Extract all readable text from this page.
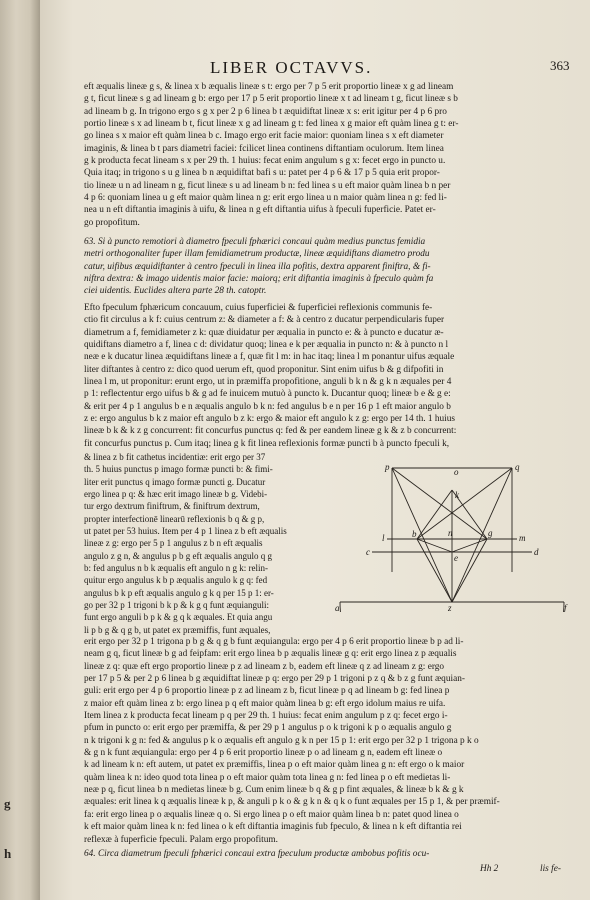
g
h
LIBER OCTAVVS.	363
eft æqualis lineæ g s, & linea x b æqualis lineæ s t: ergo per 7 p 5 erit proportio lineæ x g ad lineam
g t, ficut lineæ s g ad lineam g b: ergo per 17 p 5 erit proportio lineæ x t ad lineam t g, ficut lineæ s b
ad lineam b g. In trigono ergo s g x per 2 p 6 linea b t æquidiftat lineæ x s: erit igitur per 4 p 6 pro
portio lineæ s x ad lineam b t, ficut lineæ x g ad lineam g t: fed linea x g maior eft quàm linea g t: er-
go linea s x maior eft quàm linea b c. Imago ergo erit facie maior: quoniam linea s x eft diameter
imaginis, & linea b t pars diametri faciei: fcilicet linea continens diftantiam oculorum. Item linea
g k producta fecat lineam s x per 29 th. 1 huius: fecat enim angulum s g x: fecet ergo in puncto u.
Quia itaq; in trigono s u g linea b n æquidiftat bafi s u: patet per 4 p 6 & 17 p 5 quia erit propor-
tio lineæ u n ad lineam n g, ficut lineæ s u ad lineam b n: fed linea s u eft maior quàm linea b n per
4 p 6: quoniam linea u g eft maior quàm linea n g: erit ergo linea u n maior quàm linea n g: fed li-
nea u n eft diftantia imaginis à uifu, & linea n g eft diftantia uifus à fpeculi fuperficie. Patet er-
go propofitum.
63. Si à puncto remotiori à diametro fpeculi fphærici concaui quàm medius punctus femidia
metri orthogonaliter fuper illam femidiametrum productæ, lineæ æquidiftans diametro produ
catur, uifibus æquidiftanter à centro fpeculi in linea illa pofitis, dextra apparent finiftra, & fi-
niftra dextra: & imago uidentis maior facie: maiorq; erit diftantia imaginis à fpeculo quàm fa
ciei uidentis. Euclides altera parte 28 th. catoptr.
Efto fpeculum fphæricum concauum, cuius fuperficiei & fuperficiei reflexionis communis fe-
ctio fit circulus a k f: cuius centrum z: & diameter a f: & à centro z ducatur perpendicularis fuper
diametrum a f, femidiameter z k: quæ diuidatur per æqualia in puncto e: & à puncto e ducatur æ-
quidiftans diametro a f, linea c d: dividatur quoq; linea e k per æqualia in puncto n: & à puncto n l
neæ e k ducatur linea æquidiftans lineæ a f, quæ fit l m: in hac itaq; linea l m ponantur uifus æquale
liter diftantes à centro z: dico quod uerum eft, quod proponitur. Sint enim uifus b & g difpofiti in
linea l m, ut proponitur: erunt ergo, ut in præmiffa propofitione, anguli b k n & g k n æquales per 4
p 1: reflectentur ergo uifus b & g ad fe inuicem mutuò à puncto k. Ducantur quoq; lineæ b e & g e:
& erit per 4 p 1 angulus b e n æqualis angulo b k n: fed angulus b e n per 16 p 1 eft maior angulo b
z e: ergo angulus b k z maior eft angulo b z k: ergo & maior eft angulo k z g: ergo per 14 th. 1 huius
lineæ b k & k z g concurrent: fit concurfus punctus q: fed & per eandem lineæ g k & z b concurrent:
fit concurfus punctus p. Cum itaq; linea g k fit linea reflexionis formæ puncti b à puncto fpeculi k,
& linea z b fit cathetus incidentiæ: erit ergo per 37
th. 5 huius punctus p imago formæ puncti b: & fimi-
liter erit punctus q imago formæ puncti g. Ducatur
ergo linea p q: & hæc erit imago lineæ b g. Videbi-
tur ergo dextrum finiftrum, & finiftrum dextrum,
propter interfectionē linearū reflexionis b q & g p,
ut patet per 53 huius. Item per 4 p 1 linea z b eft æqualis
lineæ z g: ergo per 5 p 1 angulus z b n eft æqualis
angulo z g n, & angulus p b g eft æqualis angulo q g
b: fed angulus n b k æqualis eft angulo n g k: relin-
quitur ergo angulus k b p æqualis angulo k g q: fed
angulus b k p eft æqualis angulo g k q per 15 p 1: er-
go per 32 p 1 trigoni b k p & k g q funt æquianguli:
funt ergo anguli b p k & g q k æquales. Et quia angu
li p b g & q g b, ut patet ex præmiffis, funt æquales,
p	q
o
k
b	n	g
l	m
c	d
e
z
a	f
erit ergo per 32 p 1 trigona p b g & q g b funt æquiangula: ergo per 4 p 6 erit proportio lineæ b p ad li-
neam g q, ficut lineæ b g ad feipfam: erit ergo linea b p æqualis lineæ g q: erit ergo linea z p æqualis
lineæ z q: quæ eft ergo proportio lineæ p z ad lineam z b, eadem eft lineæ q z ad lineam z g: ergo
per 17 p 5 & per 2 p 6 linea b g æquidiftat lineæ p q: ergo per 29 p 1 trigoni p z q & b z g funt æquian-
guli: erit ergo per 4 p 6 proportio lineæ p z ad lineam z b, ficut lineæ p q ad lineam b g: fed linea p
z maior eft quàm linea z b: ergo linea p q eft maior quàm linea b g: eft ergo idolum maius re uifa.
Item linea z k producta fecat lineam p q per 29 th. 1 huius: fecat enim angulum p z q: fecet ergo i-
pfum in puncto o: erit ergo per præmiffa, & per 29 p 1 angulus p o k trigoni k p o æqualis angulo g
n k trigoni k g n: fed & angulus p k o æqualis eft angulo g k n per 15 p 1: erit ergo per 32 p 1 trigona p k o
& g n k funt æquiangula: ergo per 4 p 6 erit proportio lineæ p o ad lineam g n, eadem eft lineæ o
k ad lineam k n: eft autem, ut patet ex præmiffis, linea p o eft maior quàm linea g n: eft ergo o k maior
quàm linea k n: ideo quod tota linea p o eft maior quàm tota linea g n: fed linea p o eft medietas li-
neæ p q, ficut linea b n medietas lineæ b g. Cum enim lineæ b q & g p fint æquales, & lineæ b k & g k
æquales: erit linea k q æqualis lineæ k p, & anguli p k o & g k n & q k o funt æquales per 15 p 1, & per præmif-
fa: erit ergo linea p o æqualis lineæ q o. Si ergo linea p o eft maior quàm linea b n: patet quod linea o
k eft maior quàm linea k n: fed linea o k eft diftantia imaginis fub fpeculo, & linea n k eft diftantia rei
reflexæ à fuperficie fpeculi. Palam ergo propofitum.
64. Circa diametrum fpeculi fphærici concaui extra fpeculum productæ ambobus pofitis ocu-
Hh 2	lis fe-
